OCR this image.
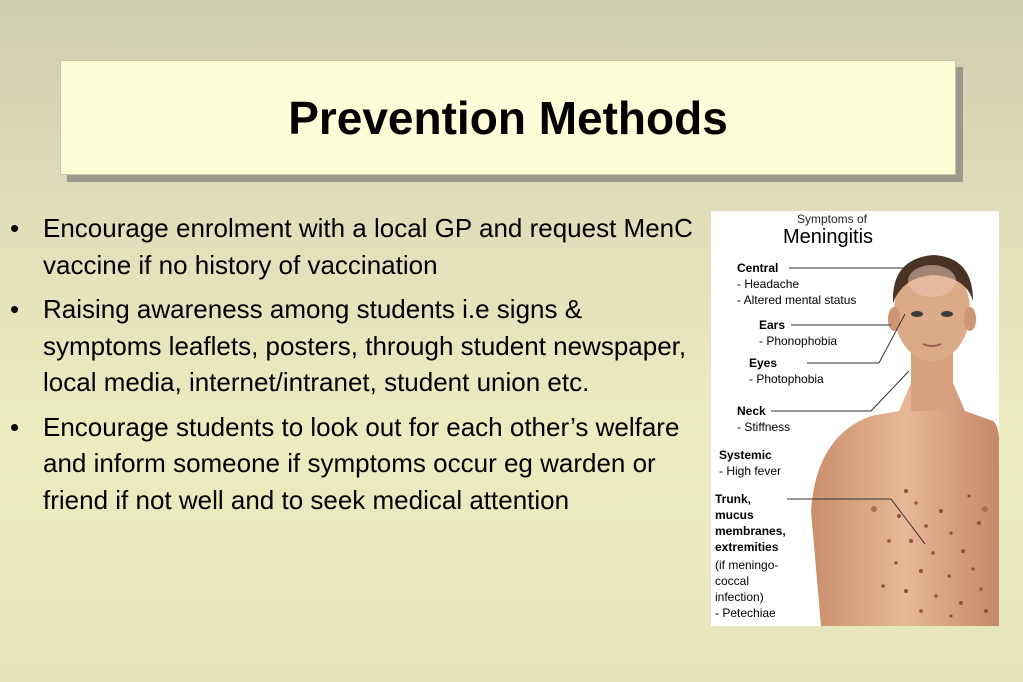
Prevention Methods
• Encourage enrolment with a local GP and request MenC vaccine if no history of vaccination
• Raising awareness among students i.e signs & symptoms leaflets, posters, through student newspaper, local media, internet/intranet, student union etc.
• Encourage students to look out for each other’s welfare and inform someone if symptoms occur eg warden or friend if not well and to seek medical attention
Symptoms of
Meningitis
Central
- Headache
- Altered mental status
Ears
- Phonophobia
Eyes
- Photophobia
Neck
- Stiffness
Systemic
- High fever
Trunk,
mucus
membranes,
extremities
(if meningo-
coccal
infection)
- Petechiae
